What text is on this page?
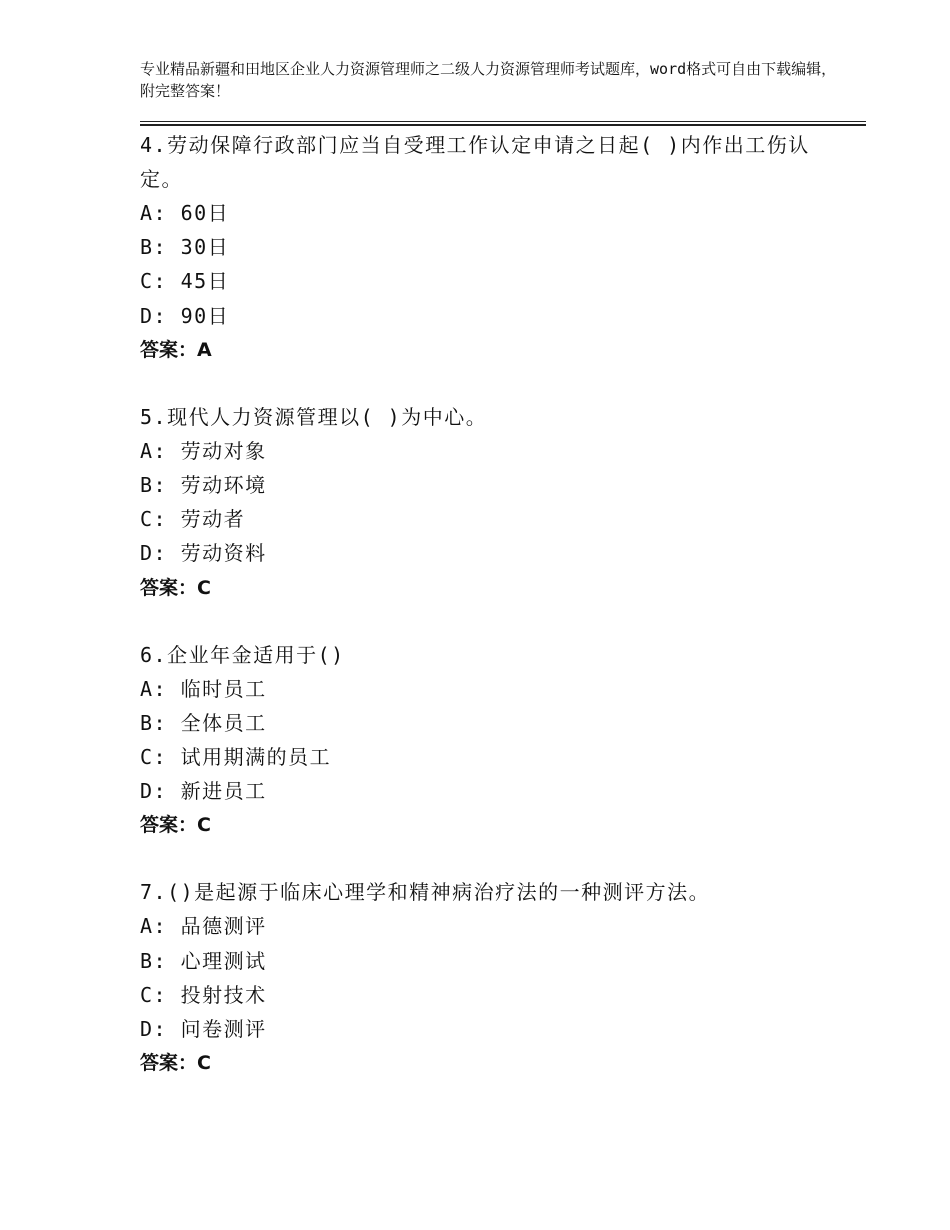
专业精品新疆和田地区企业人力资源管理师之二级人力资源管理师考试题库，word格式可自由下载编辑，附完整答案！
4.劳动保障行政部门应当自受理工作认定申请之日起( )内作出工伤认定。
A: 60日
B: 30日
C: 45日
D: 90日
答案：A
5.现代人力资源管理以( )为中心。
A: 劳动对象
B: 劳动环境
C: 劳动者
D: 劳动资料
答案：C
6.企业年金适用于()
A: 临时员工
B: 全体员工
C: 试用期满的员工
D: 新进员工
答案：C
7.()是起源于临床心理学和精神病治疗法的一种测评方法。
A: 品德测评
B: 心理测试
C: 投射技术
D: 问卷测评
答案：C
